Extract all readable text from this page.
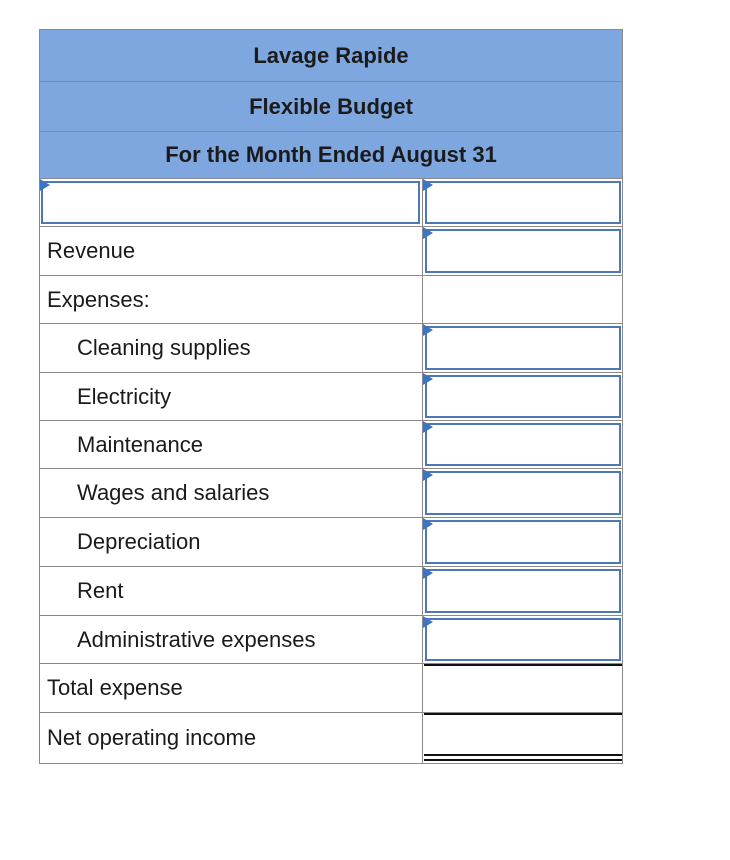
Lavage Rapide
Flexible Budget
For the Month Ended August 31
Revenue
Expenses:
Cleaning supplies
Electricity
Maintenance
Wages and salaries
Depreciation
Rent
Administrative expenses
Total expense
Net operating income
